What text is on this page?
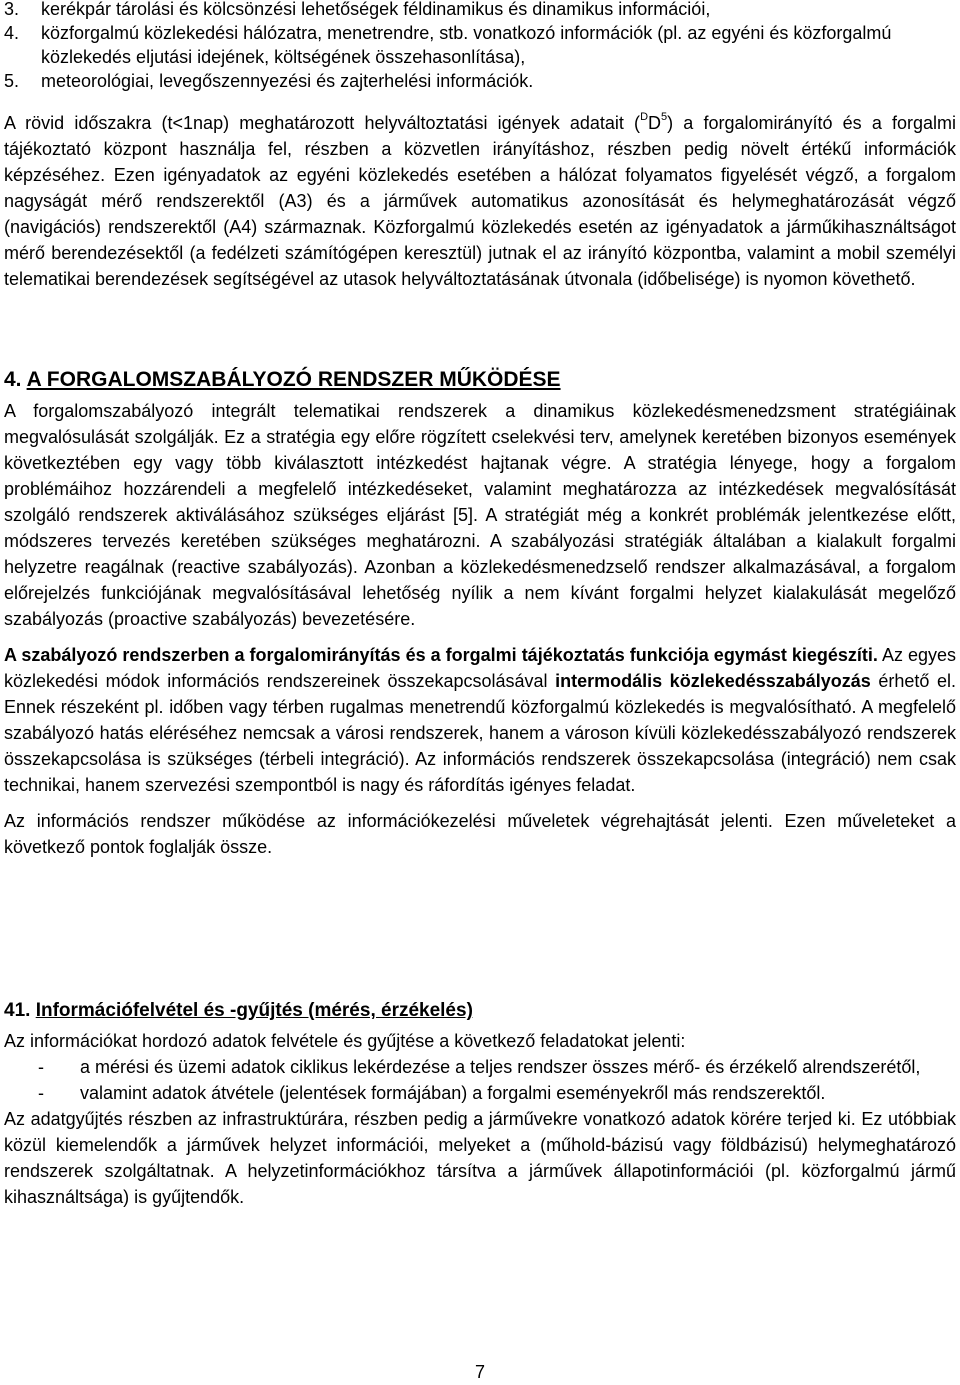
3. kerékpár tárolási és kölcsönzési lehetőségek féldinamikus és dinamikus információi,
4. közforgalmú közlekedési hálózatra, menetrendre, stb. vonatkozó információk (pl. az egyéni és közforgalmú közlekedés eljutási idejének, költségének összehasonlítása),
5. meteorológiai, levegőszennyezési és zajterhelési információk.

A rövid időszakra (t<1nap) meghatározott helyváltoztatási igények adatait $(^DD^5)$ a forgalomirányító és a forgalmi tájékoztató központ használja fel, részben a közvetlen irányításhoz, részben pedig növelt értékű információk képzéséhez. Ezen igényadatok az egyéni közlekedés esetében a hálózat folyamatos figyelését végző, a forgalom nagyságát mérő rendszerektől (A3) és a járművek automatikus azonosítását és helymeghatározását végző (navigációs) rendszerektől (A4) származnak. Közforgalmú közlekedés esetén az igényadatok a járműkihasználtságot mérő berendezésektől (a fedélzeti számítógépen keresztül) jutnak el az irányító központba, valamint a mobil személyi telematikai berendezések segítségével az utasok helyváltoztatásának útvonala (időbelisége) is nyomon követhető.

4. A FORGALOMSZABÁLYOZÓ RENDSZER MŰKÖDÉSE

A forgalomszabályozó integrált telematikai rendszerek a dinamikus közlekedésmenedzsment stratégiáinak megvalósulását szolgálják. Ez a stratégia egy előre rögzített cselekvési terv, amelynek keretében bizonyos események következtében egy vagy több kiválasztott intézkedést hajtanak végre. A stratégia lényege, hogy a forgalom problémáihoz hozzárendeli a megfelelő intézkedéseket, valamint meghatározza az intézkedések megvalósítását szolgáló rendszerek aktiválásához szükséges eljárást [5]. A stratégiát még a konkrét problémák jelentkezése előtt, módszeres tervezés keretében szükséges meghatározni. A szabályozási stratégiák általában a kialakult forgalmi helyzetre reagálnak (reactive szabályozás). Azonban a közlekedésmenedzselő rendszer alkalmazásával, a forgalom előrejelzés funkciójának megvalósításával lehetőség nyílik a nem kívánt forgalmi helyzet kialakulását megelőző szabályozás (proactive szabályozás) bevezetésére.

A szabályozó rendszerben a forgalomirányítás és a forgalmi tájékoztatás funkciója egymást kiegészíti. Az egyes közlekedési módok információs rendszereinek összekapcsolásával intermodális közlekedésszabályozás érhető el. Ennek részeként pl. időben vagy térben rugalmas menetrendű közforgalmú közlekedés is megvalósítható. A megfelelő szabályozó hatás eléréséhez nemcsak a városi rendszerek, hanem a városon kívüli közlekedésszabályozó rendszerek összekapcsolása is szükséges (térbeli integráció). Az információs rendszerek összekapcsolása (integráció) nem csak technikai, hanem szervezési szempontból is nagy és ráfordítás igényes feladat.

Az információs rendszer működése az információkezelési műveletek végrehajtását jelenti. Ezen műveleteket a következő pontok foglalják össze.

41. Információfelvétel és -gyűjtés (mérés, érzékelés)

Az információkat hordozó adatok felvétele és gyűjtése a következő feladatokat jelenti:

- a mérési és üzemi adatok ciklikus lekérdezése a teljes rendszer összes mérő- és érzékelő alrendszerétől,
- valamint adatok átvétele (jelentések formájában) a forgalmi eseményekről más rendszerektől.

Az adatgyűjtés részben az infrastruktúrára, részben pedig a járművekre vonatkozó adatok körére terjed ki. Ez utóbbiak közül kiemelendők a járművek helyzet információi, melyeket a (műhold-bázisú vagy földbázisú) helymeghatározó rendszerek szolgáltatnak. A helyzetinformációkhoz társítva a járművek állapotinformációi (pl. közforgalmú jármű kihasználtsága) is gyűjtendők.

7
